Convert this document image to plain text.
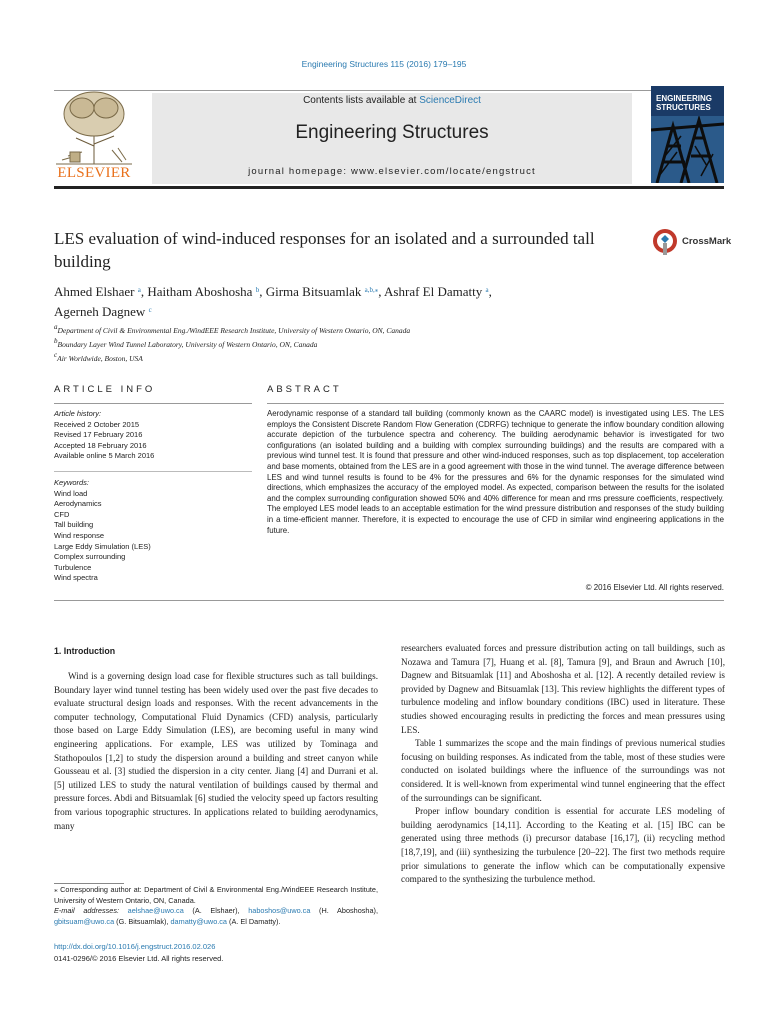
Engineering Structures 115 (2016) 179–195
ELSEVIER
Contents lists available at ScienceDirect
Engineering Structures
journal homepage: www.elsevier.com/locate/engstruct
ENGINEERING
STRUCTURES
LES evaluation of wind-induced responses for an isolated and a surrounded tall building
CrossMark
Ahmed Elshaer $^a$, Haitham Aboshosha $^b$, Girma Bitsuamlak $^{a,b,⁎}$, Ashraf El Damatty $^a$,
Agerneh Dagnew $^c$
$^a$Department of Civil & Environmental Eng./WindEEE Research Institute, University of Western Ontario, ON, Canada
$^b$Boundary Layer Wind Tunnel Laboratory, University of Western Ontario, ON, Canada
$^c$Air Worldwide, Boston, USA
ARTICLE INFO	ABSTRACT
Article history:
Received 2 October 2015
Revised 17 February 2016
Accepted 18 February 2016
Available online 5 March 2016
Keywords:
Wind load
Aerodynamics
CFD
Tall building
Wind response
Large Eddy Simulation (LES)
Complex surrounding
Turbulence
Wind spectra
Aerodynamic response of a standard tall building (commonly known as the CAARC model) is investigated using LES. The LES employs the Consistent Discrete Random Flow Generation (CDRFG) technique to generate the inflow boundary condition allowing accurate depiction of the turbulence spectra and coherency. The building aerodynamic behavior is investigated for two configurations (an isolated building and a building with complex surrounding buildings) and the results are compared with a previous wind tunnel test. It is found that pressure and other wind-induced responses, such as top displacement, top acceleration and base moments, obtained from the LES are in a good agreement with those in the wind tunnel. The average difference between LES and wind tunnel results is found to be 4% for the pressures and 6% for the dynamic responses for the simulated wind directions, which emphasizes the accuracy of the employed model. As expected, comparison between the results for the isolated and the complex surrounding configuration showed 50% and 40% difference for mean and rms pressure coefficients, respectively. The employed LES model leads to an acceptable estimation for the wind pressure distribution and responses of the study building in a time-efficient manner. Therefore, it is expected to encourage the use of CFD in similar wind engineering applications in the future.
© 2016 Elsevier Ltd. All rights reserved.
1. Introduction

Wind is a governing design load case for flexible structures such as tall buildings. Boundary layer wind tunnel testing has been widely used over the past five decades to evaluate structural design loads and responses. With the recent advancements in the computer technology, Computational Fluid Dynamics (CFD) analysis, particularly those based on Large Eddy Simulation (LES), are becoming useful in many wind engineering applications. For example, LES was utilized by Tominaga and Stathopoulos [1,2] to study the dispersion around a building and street canyon while Gousseau et al. [3] studied the dispersion in a city center. Jiang [4] and Durrani et al. [5] utilized LES to study the natural ventilation of buildings caused by thermal and pressure forces. Abdi and Bitsuamlak [6] studied the velocity speed up factors resulting from various topographic structures. In applications related to building aerodynamics, many

researchers evaluated forces and pressure distribution acting on tall buildings, such as Nozawa and Tamura [7], Huang et al. [8], Tamura [9], and Braun and Awruch [10], Dagnew and Bitsuamlak [11] and Aboshosha et al. [12]. A recently detailed review is provided by Dagnew and Bitsuamlak [13]. This review highlights the different types of turbulence modeling and inflow boundary conditions (IBC) used in literature. These studies showed encouraging results in predicting the forces and mean pressures using LES.

Table 1 summarizes the scope and the main findings of previous numerical studies focusing on building responses. As indicated from the table, most of these studies were conducted on isolated buildings where the influence of the surroundings was not considered. It is well-known from experimental wind tunnel engineering that the effect of the surroundings can be significant.

Proper inflow boundary condition is essential for accurate LES modeling of building aerodynamics [14,11]. According to the Keating et al. [15] IBC can be generated using three methods (i) precursor database [16,17], (ii) recycling method [18,7,19], and (iii) synthesizing the turbulence [20–22]. The first two methods require prior simulations to generate the inflow which can be computationally expensive compared to the synthesizing the turbulence method.

⁎ Corresponding author at: Department of Civil & Environmental Eng./WindEEE Research Institute, University of Western Ontario, ON, Canada.
E-mail addresses: aelshae@uwo.ca (A. Elshaer), haboshos@uwo.ca (H. Aboshosha), gbitsuam@uwo.ca (G. Bitsuamlak), damatty@uwo.ca (A. El Damatty).
http://dx.doi.org/10.1016/j.engstruct.2016.02.026
0141-0296/© 2016 Elsevier Ltd. All rights reserved.
